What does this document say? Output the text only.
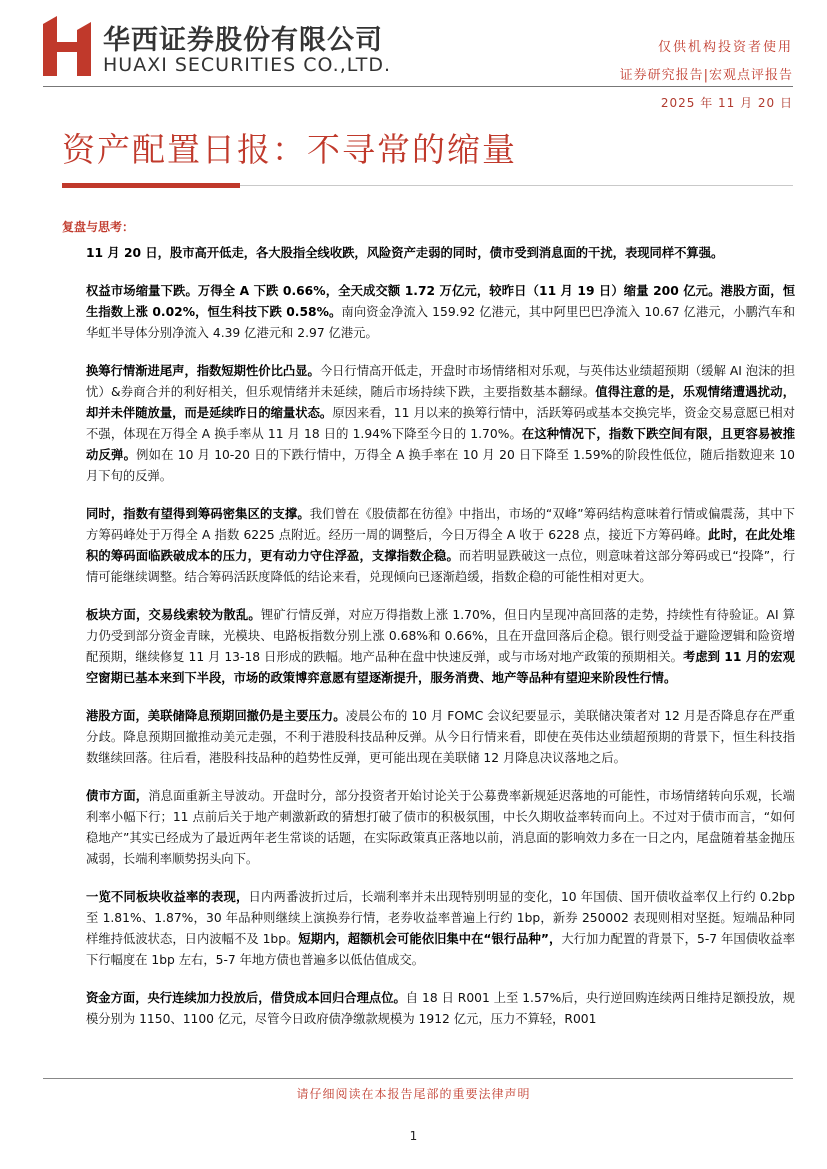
华西证券股份有限公司
HUAXI SECURITIES CO.,LTD.
仅供机构投资者使用
证券研究报告|宏观点评报告
2025 年 11 月 20 日
资产配置日报：不寻常的缩量
复盘与思考：

11 月 20 日，股市高开低走，各大股指全线收跌，风险资产走弱的同时，债市受到消息面的干扰，表现同样不算强。

权益市场缩量下跌。万得全 A 下跌 0.66%，全天成交额 1.72 万亿元，较昨日（11 月 19 日）缩量 200 亿元。港股方面，恒生指数上涨 0.02%，恒生科技下跌 0.58%。南向资金净流入 159.92 亿港元，其中阿里巴巴净流入 10.67 亿港元，小鹏汽车和华虹半导体分别净流入 4.39 亿港元和 2.97 亿港元。

换筹行情渐进尾声，指数短期性价比凸显。今日行情高开低走，开盘时市场情绪相对乐观，与英伟达业绩超预期（缓解 AI 泡沫的担忧）&券商合并的利好相关，但乐观情绪并未延续，随后市场持续下跌，主要指数基本翻绿。值得注意的是，乐观情绪遭遇扰动，却并未伴随放量，而是延续昨日的缩量状态。原因来看，11 月以来的换筹行情中，活跃筹码或基本交换完毕，资金交易意愿已相对不强，体现在万得全 A 换手率从 11 月 18 日的 1.94%下降至今日的 1.70%。在这种情况下，指数下跌空间有限，且更容易被推动反弹。例如在 10 月 10-20 日的下跌行情中，万得全 A 换手率在 10 月 20 日下降至 1.59%的阶段性低位，随后指数迎来 10 月下旬的反弹。

同时，指数有望得到筹码密集区的支撑。我们曾在《股债都在彷徨》中指出，市场的“双峰”筹码结构意味着行情或偏震荡，其中下方筹码峰处于万得全 A 指数 6225 点附近。经历一周的调整后，今日万得全 A 收于 6228 点，接近下方筹码峰。此时，在此处堆积的筹码面临跌破成本的压力，更有动力守住浮盈，支撑指数企稳。而若明显跌破这一点位，则意味着这部分筹码或已“投降”，行情可能继续调整。结合筹码活跃度降低的结论来看，兑现倾向已逐渐趋缓，指数企稳的可能性相对更大。

板块方面，交易线索较为散乱。锂矿行情反弹，对应万得指数上涨 1.70%，但日内呈现冲高回落的走势，持续性有待验证。AI 算力仍受到部分资金青睐，光模块、电路板指数分别上涨 0.68%和 0.66%，且在开盘回落后企稳。银行则受益于避险逻辑和险资增配预期，继续修复 11 月 13-18 日形成的跌幅。地产品种在盘中快速反弹，或与市场对地产政策的预期相关。考虑到 11 月的宏观空窗期已基本来到下半段，市场的政策博弈意愿有望逐渐提升，服务消费、地产等品种有望迎来阶段性行情。

港股方面，美联储降息预期回撤仍是主要压力。凌晨公布的 10 月 FOMC 会议纪要显示，美联储决策者对 12 月是否降息存在严重分歧。降息预期回撤推动美元走强，不利于港股科技品种反弹。从今日行情来看，即使在英伟达业绩超预期的背景下，恒生科技指数继续回落。往后看，港股科技品种的趋势性反弹，更可能出现在美联储 12 月降息决议落地之后。

债市方面，消息面重新主导波动。开盘时分，部分投资者开始讨论关于公募费率新规延迟落地的可能性，市场情绪转向乐观，长端利率小幅下行；11 点前后关于地产刺激新政的猜想打破了债市的积极氛围，中长久期收益率转而向上。不过对于债市而言，“如何稳地产”其实已经成为了最近两年老生常谈的话题，在实际政策真正落地以前，消息面的影响效力多在一日之内，尾盘随着基金抛压减弱，长端利率顺势拐头向下。

一览不同板块收益率的表现，日内两番波折过后，长端利率并未出现特别明显的变化，10 年国债、国开债收益率仅上行约 0.2bp 至 1.81%、1.87%，30 年品种则继续上演换券行情，老券收益率普遍上行约 1bp，新券 250002 表现则相对坚挺。短端品种同样维持低波状态，日内波幅不及 1bp。短期内，超额机会可能依旧集中在“银行品种”，大行加力配置的背景下，5-7 年国债收益率下行幅度在 1bp 左右，5-7 年地方债也普遍多以低估值成交。

资金方面，央行连续加力投放后，借贷成本回归合理点位。自 18 日 R001 上至 1.57%后，央行逆回购连续两日维持足额投放，规模分别为 1150、1100 亿元，尽管今日政府债净缴款规模为 1912 亿元，压力不算轻，R001

请仔细阅读在本报告尾部的重要法律声明
1
